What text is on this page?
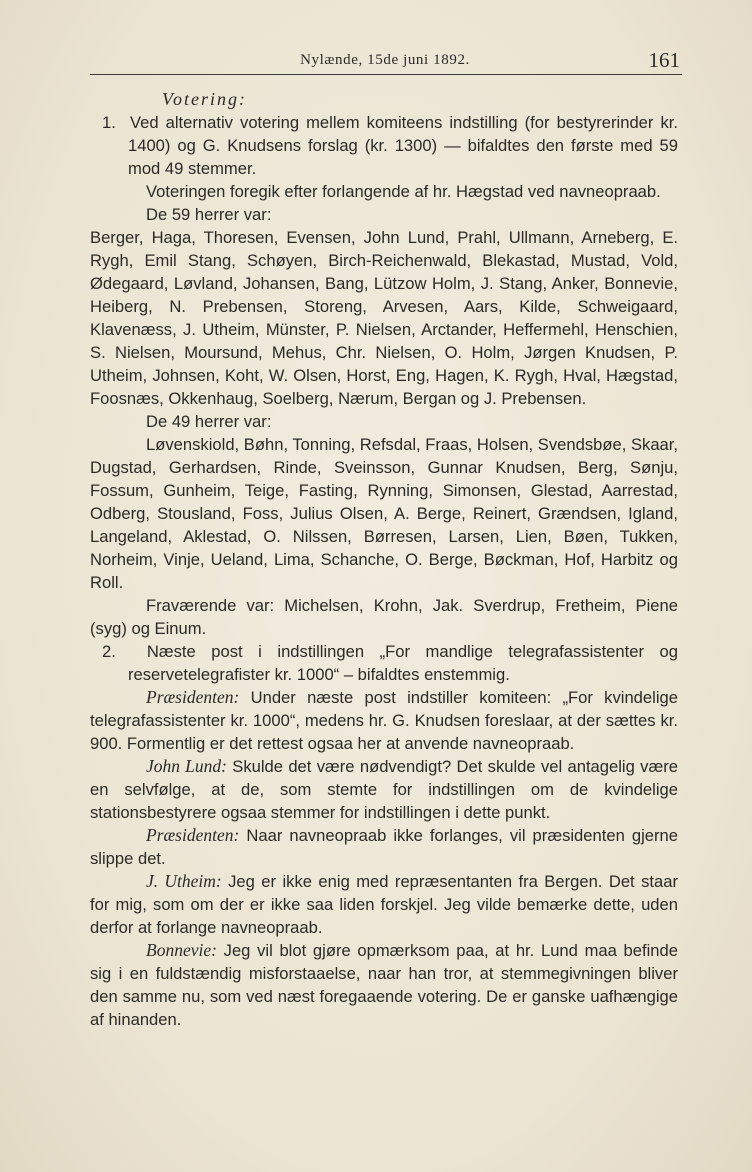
Nylænde, 15de juni 1892.	161

Votering:

1. Ved alternativ votering mellem komiteens indstilling (for bestyrerinder kr. 1400) og G. Knudsens forslag (kr. 1300) — bifaldtes den første med 59 mod 49 stemmer.

Voteringen foregik efter forlangende af hr. Hægstad ved navneopraab.

De 59 herrer var:

Berger, Haga, Thoresen, Evensen, John Lund, Prahl, Ullmann, Arneberg, E. Rygh, Emil Stang, Schøyen, Birch-Reichenwald, Blekastad, Mustad, Vold, Ødegaard, Løvland, Johansen, Bang, Lützow Holm, J. Stang, Anker, Bonnevie, Heiberg, N. Prebensen, Storeng, Arvesen, Aars, Kilde, Schweigaard, Klavenæss, J. Utheim, Münster, P. Nielsen, Arctander, Heffermehl, Henschien, S. Nielsen, Moursund, Mehus, Chr. Nielsen, O. Holm, Jørgen Knudsen, P. Utheim, Johnsen, Koht, W. Olsen, Horst, Eng, Hagen, K. Rygh, Hval, Hægstad, Foosnæs, Okkenhaug, Soelberg, Nærum, Bergan og J. Prebensen.

De 49 herrer var:

Løvenskiold, Bøhn, Tonning, Refsdal, Fraas, Holsen, Svendsbøe, Skaar, Dugstad, Gerhardsen, Rinde, Sveinsson, Gunnar Knudsen, Berg, Sønju, Fossum, Gunheim, Teige, Fasting, Rynning, Simonsen, Glestad, Aarrestad, Odberg, Stousland, Foss, Julius Olsen, A. Berge, Reinert, Grændsen, Igland, Langeland, Aklestad, O. Nilssen, Børresen, Larsen, Lien, Bøen, Tukken, Norheim, Vinje, Ueland, Lima, Schanche, O. Berge, Bøckman, Hof, Harbitz og Roll.

Fraværende var: Michelsen, Krohn, Jak. Sverdrup, Fretheim, Piene (syg) og Einum.

2. Næste post i indstillingen „For mandlige telegrafassistenter og reservetelegrafister kr. 1000“ – bifaldtes enstemmig.

Præsidenten: Under næste post indstiller komiteen: „For kvindelige telegrafassistenter kr. 1000“, medens hr. G. Knudsen foreslaar, at der sættes kr. 900. Formentlig er det rettest ogsaa her at anvende navneopraab.

John Lund: Skulde det være nødvendigt? Det skulde vel antagelig være en selvfølge, at de, som stemte for indstillingen om de kvindelige stationsbestyrere ogsaa stemmer for indstillingen i dette punkt.

Præsidenten: Naar navneopraab ikke forlanges, vil præsidenten gjerne slippe det.

J. Utheim: Jeg er ikke enig med repræsentanten fra Bergen. Det staar for mig, som om der er ikke saa liden forskjel. Jeg vilde bemærke dette, uden derfor at forlange navneopraab.

Bonnevie: Jeg vil blot gjøre opmærksom paa, at hr. Lund maa befinde sig i en fuldstændig misforstaaelse, naar han tror, at stemmegivningen bliver den samme nu, som ved næst foregaaende votering. De er ganske uafhængige af hinanden.
